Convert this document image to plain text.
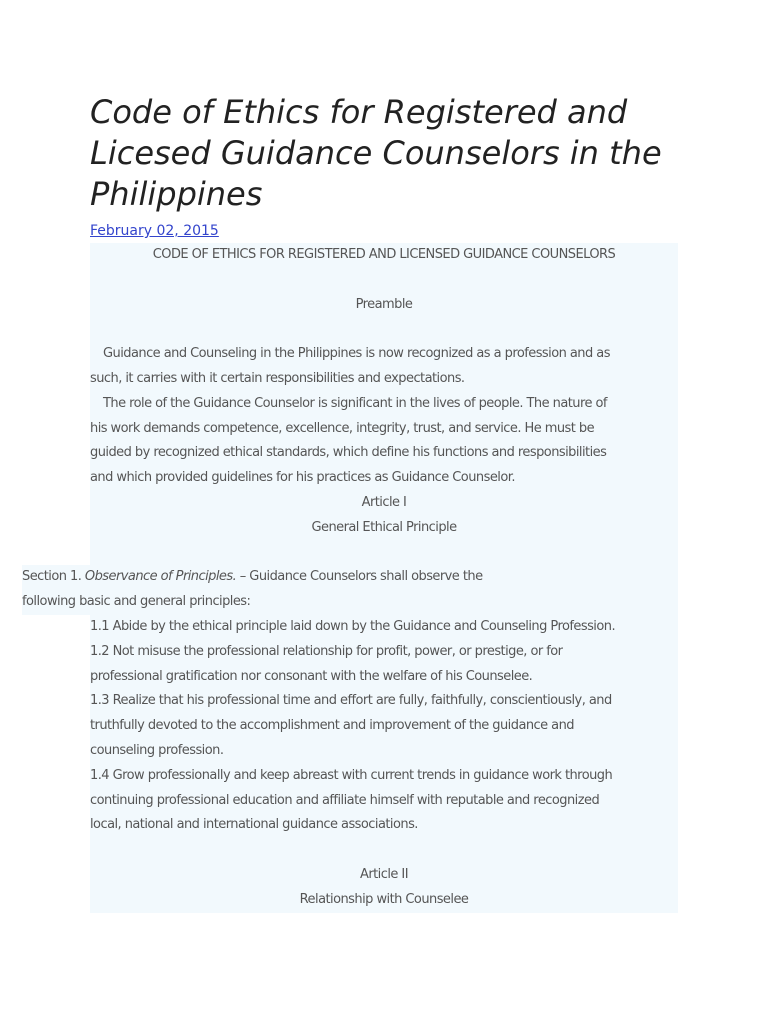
Code of Ethics for Registered and Licesed Guidance Counselors in the Philippines
February 02, 2015
CODE OF ETHICS FOR REGISTERED AND LICENSED GUIDANCE COUNSELORS
Preamble
Guidance and Counseling in the Philippines is now recognized as a profession and as
such, it carries with it certain responsibilities and expectations.
The role of the Guidance Counselor is significant in the lives of people. The nature of
his work demands competence, excellence, integrity, trust, and service. He must be
guided by recognized ethical standards, which define his functions and responsibilities
and which provided guidelines for his practices as Guidance Counselor.
Article I
General Ethical Principle
Section 1. Observance of Principles. – Guidance Counselors shall observe the
following basic and general principles:
1.1 Abide by the ethical principle laid down by the Guidance and Counseling Profession.
1.2 Not misuse the professional relationship for profit, power, or prestige, or for
professional gratification nor consonant with the welfare of his Counselee.
1.3 Realize that his professional time and effort are fully, faithfully, conscientiously, and
truthfully devoted to the accomplishment and improvement of the guidance and
counseling profession.
1.4 Grow professionally and keep abreast with current trends in guidance work through
continuing professional education and affiliate himself with reputable and recognized
local, national and international guidance associations.
Article II
Relationship with Counselee
